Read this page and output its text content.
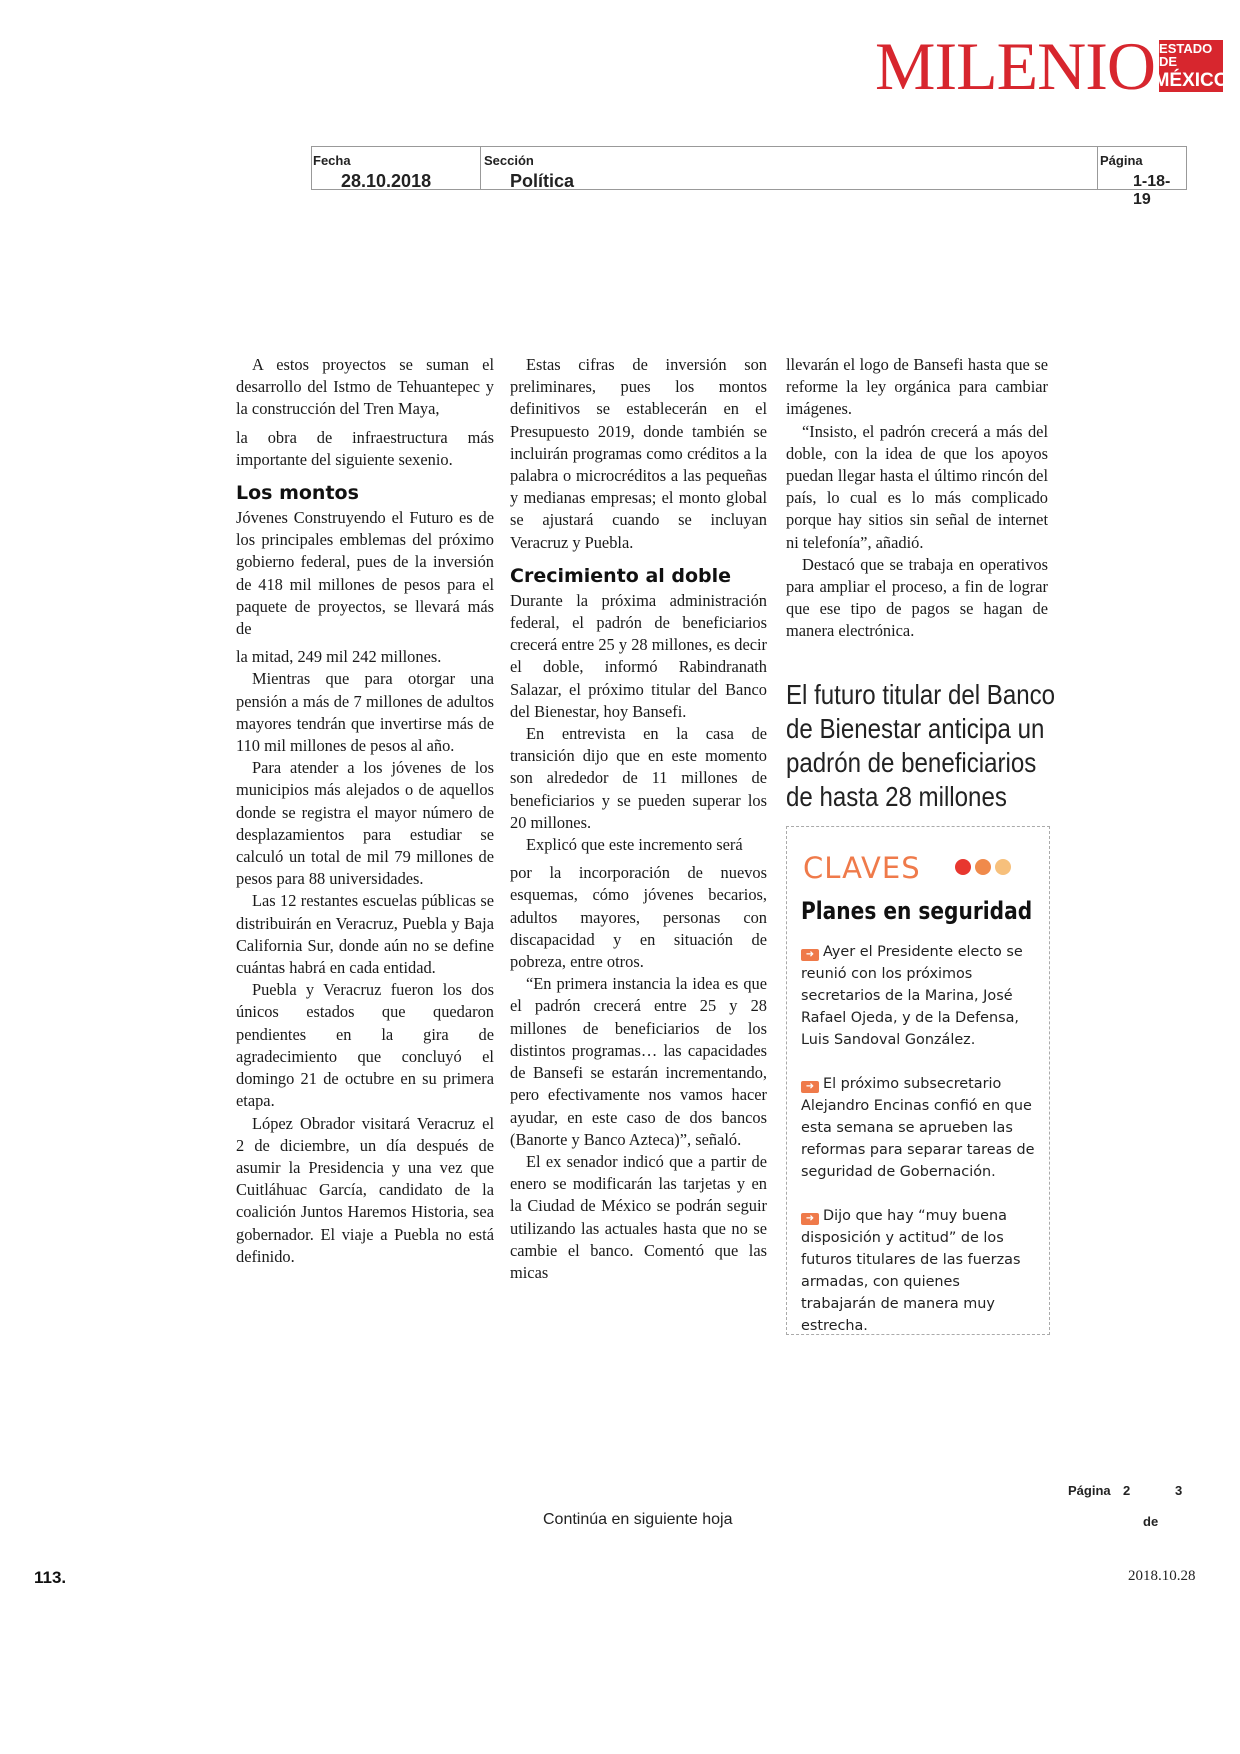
MILENIO ESTADO DE
MÉXICO
Fecha
28.10.2018
Sección
Política
Página
1-18-19

A estos proyectos se suman el desarrollo del Istmo de Tehuantepec y la construcción del Tren Maya,

la obra de infraestructura más importante del siguiente sexenio.

Los montos

Jóvenes Construyendo el Futuro es de los principales emblemas del próximo gobierno federal, pues de la inversión de 418 mil millones de pesos para el paquete de proyectos, se llevará más de

la mitad, 249 mil 242 millones.

Mientras que para otorgar una pensión a más de 7 millones de adultos mayores tendrán que invertirse más de 110 mil millones de pesos al año.

Para atender a los jóvenes de los municipios más alejados o de aquellos donde se registra el mayor número de desplazamientos para estudiar se calculó un total de mil 79 millones de pesos para 88 universidades.

Las 12 restantes escuelas públicas se distribuirán en Veracruz, Puebla y Baja California Sur, donde aún no se define cuántas habrá en cada entidad.

Puebla y Veracruz fueron los dos únicos estados que quedaron pendientes en la gira de agradecimiento que concluyó el domingo 21 de octubre en su primera etapa.

López Obrador visitará Veracruz el 2 de diciembre, un día después de asumir la Presidencia y una vez que Cuitláhuac García, candidato de la coalición Juntos Haremos Historia, sea gobernador. El viaje a Puebla no está definido.

Estas cifras de inversión son preliminares, pues los montos definitivos se establecerán en el Presupuesto 2019, donde también se incluirán programas como créditos a la palabra o microcréditos a las pequeñas y medianas empresas; el monto global se ajustará cuando se incluyan Veracruz y Puebla.

Crecimiento al doble

Durante la próxima administración federal, el padrón de beneficiarios crecerá entre 25 y 28 millones, es decir el doble, informó Rabindranath Salazar, el próximo titular del Banco del Bienestar, hoy Bansefi.

En entrevista en la casa de transición dijo que en este momento son alrededor de 11 millones de beneficiarios y se pueden superar los 20 millones.

Explicó que este incremento será

por la incorporación de nuevos esquemas, cómo jóvenes becarios, adultos mayores, personas con discapacidad y en situación de pobreza, entre otros.

“En primera instancia la idea es que el padrón crecerá entre 25 y 28 millones de beneficiarios de los distintos programas… las capacidades de Bansefi se estarán incrementando, pero efectivamente nos vamos hacer ayudar, en este caso de dos bancos (Banorte y Banco Azteca)”, señaló.

El ex senador indicó que a partir de enero se modificarán las tarjetas y en la Ciudad de México se podrán seguir utilizando las actuales hasta que no se cambie el banco. Comentó que las micas

llevarán el logo de Bansefi hasta que se reforme la ley orgánica para cambiar imágenes.

“Insisto, el padrón crecerá a más del doble, con la idea de que los apoyos puedan llegar hasta el último rincón del país, lo cual es lo más complicado porque hay sitios sin señal de internet ni telefonía”, añadió.

Destacó que se trabaja en operativos para ampliar el proceso, a fin de lograr que ese tipo de pagos se hagan de manera electrónica.

El futuro titular del Banco
de Bienestar anticipa un
padrón de beneficiarios
de hasta 28 millones
CLAVES
Planes en seguridad
➜ Ayer el Presidente electo se reunió con los próximos secretarios de la Marina, José Rafael Ojeda, y de la Defensa, Luis Sandoval González.
➜ El próximo subsecretario Alejandro Encinas confió en que esta semana se aprueben las reformas para separar tareas de seguridad de Gobernación.
➜ Dijo que hay “muy buena disposición y actitud” de los futuros titulares de las fuerzas armadas, con quienes trabajarán de manera muy estrecha.
Página 2	3
de
Continúa en siguiente hoja
113.	2018.10.28
